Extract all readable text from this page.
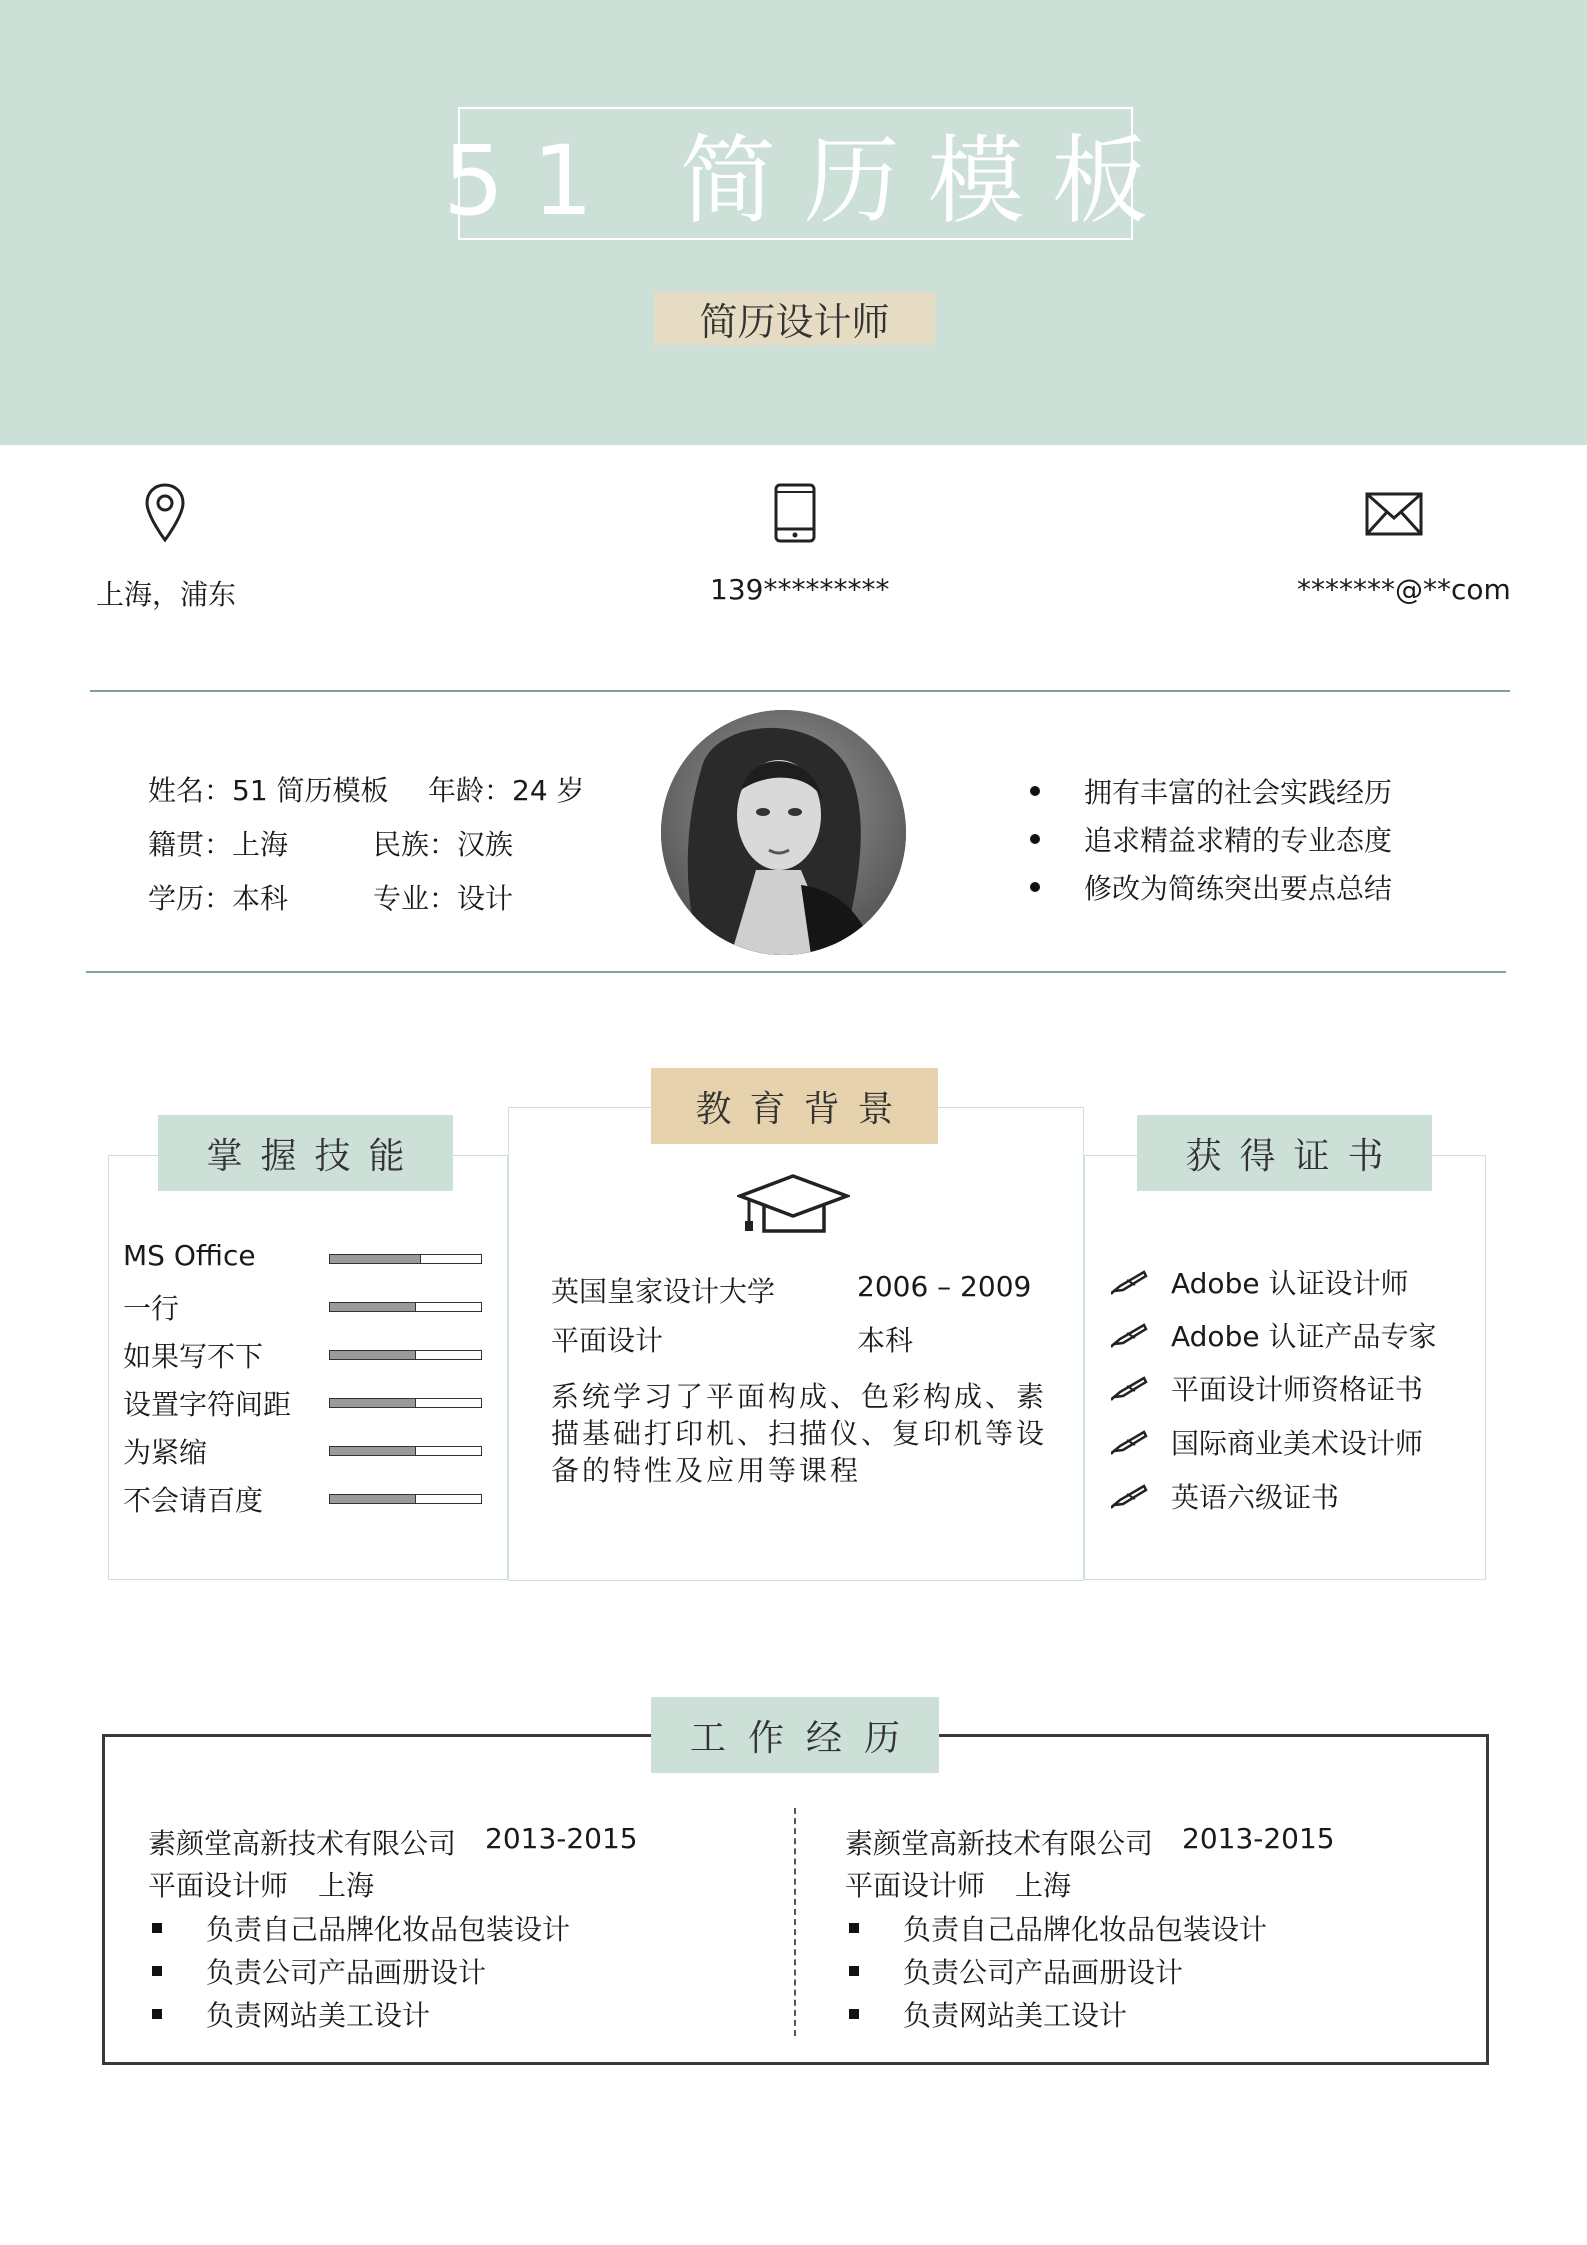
51 简历模板
简历设计师
上海，浦东	139*********	*******@**com
姓名：51 简历模板 年龄：24 岁
籍贯：上海	民族：汉族
学历：本科	专业：设计
拥有丰富的社会实践经历
追求精益求精的专业态度
修改为简练突出要点总结
掌握技能
MS Office
一行
如果写不下
设置字符间距
为紧缩
不会请百度
教育背景
英国皇家设计大学	2006 – 2009
平面设计	本科
系统学习了平面构成、色彩构成、素描基础打印机、扫描仪、复印机等设备的特性及应用等课程
获得证书
Adobe 认证设计师
Adobe 认证产品专家
平面设计师资格证书
国际商业美术设计师
英语六级证书
工作经历
素颜堂高新技术有限公司 2013-2015
平面设计师 上海
负责自己品牌化妆品包装设计
负责公司产品画册设计
负责网站美工设计
素颜堂高新技术有限公司 2013-2015
平面设计师 上海
负责自己品牌化妆品包装设计
负责公司产品画册设计
负责网站美工设计
